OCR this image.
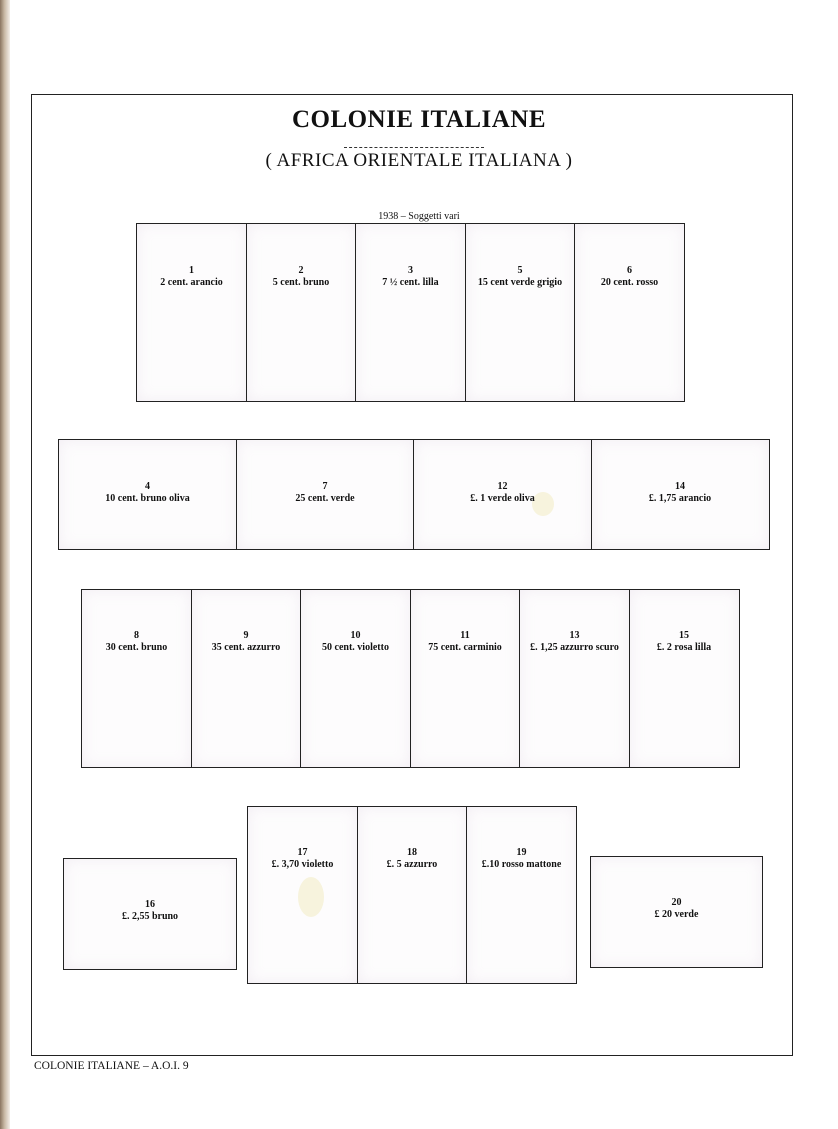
COLONIE ITALIANE
( AFRICA ORIENTALE ITALIANA )
1938 – Soggetti vari
1
2 cent. arancio
2
5 cent. bruno
3
7 ½ cent. lilla
5
15 cent verde grigio
6
20 cent. rosso
4
10 cent. bruno oliva
7
25 cent. verde
12
£. 1 verde oliva
14
£. 1,75 arancio
8
30 cent. bruno
9
35 cent. azzurro
10
50 cent. violetto
11
75 cent. carminio
13
£. 1,25 azzurro scuro
15
£. 2 rosa lilla
16
£. 2,55 bruno
17
£. 3,70 violetto
18
£. 5 azzurro
19
£.10 rosso mattone
20
£ 20 verde
COLONIE ITALIANE – A.O.I. 9
